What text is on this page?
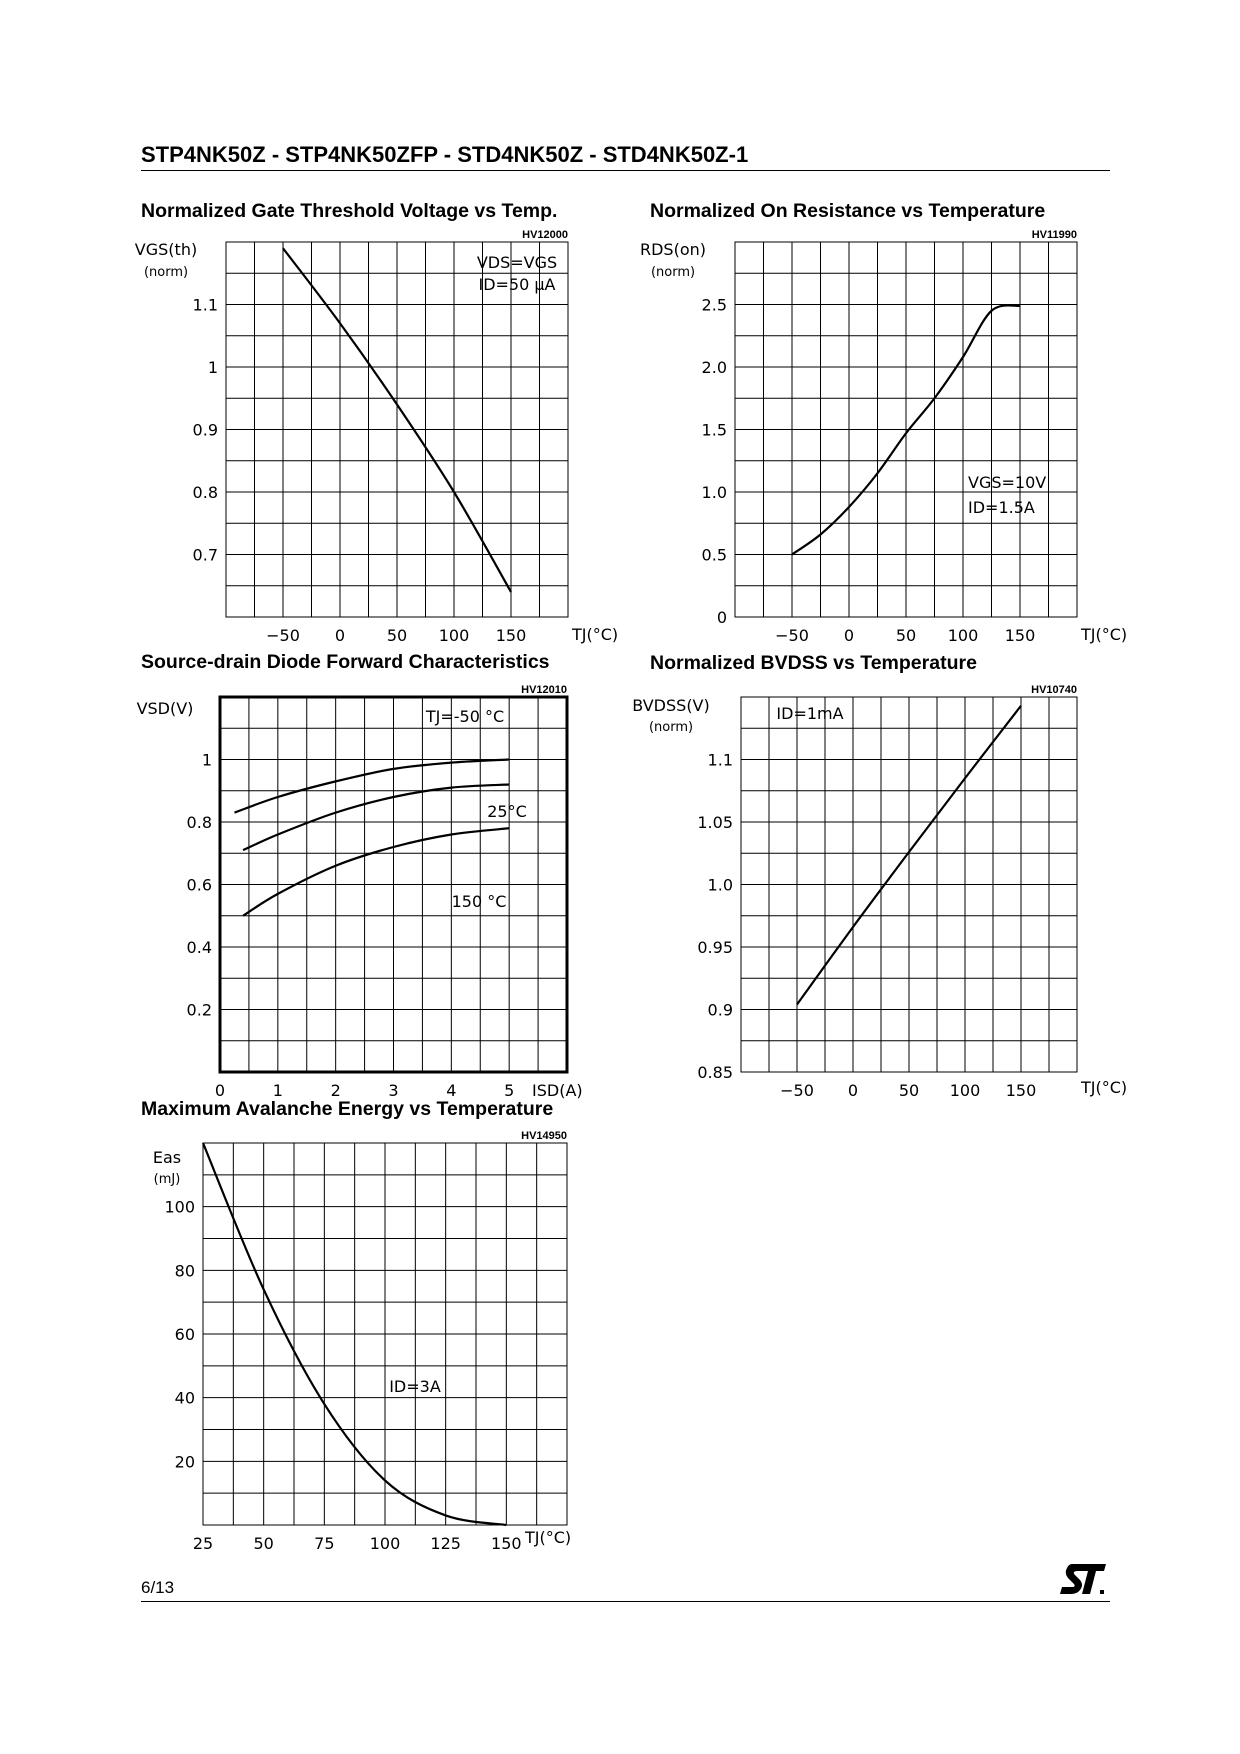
STP4NK50Z - STP4NK50ZFP - STD4NK50Z - STD4NK50Z-1
Normalized Gate Threshold Voltage vs Temp.	Normalized On Resistance vs Temperature
Source-drain Diode Forward Characteristics	Normalized BVDSS vs Temperature
Maximum Avalanche Energy vs Temperature
HV12000
1.1
1
0.9
0.8
0.7
−50 0	50 100 150	TJ(°C)
VGS(th)
(norm)
VDS=VGS
ID=50 μA
HV11990
2.5
2.0
1.5
1.0
0.5
0
−50 0	50 100 150	TJ(°C)
RDS(on)
(norm)
VGS=10V
ID=1.5A
HV12010
1
0.8
0.6
0.4
0.2
0	1	2	3	4	5 ISD(A)
VSD(V)	TJ=-50 °C
25°C
150 °C
HV10740
1.1
1.05
1.0
0.95
0.9
0.85
−50 0	50 100 150	TJ(°C)
BVDSS(V)
(norm)
ID=1mA
HV14950
100
80
60
40
20
25	50	75 100 125 150 TJ(°C)
Eas
(mJ)
ID=3A
6/13
